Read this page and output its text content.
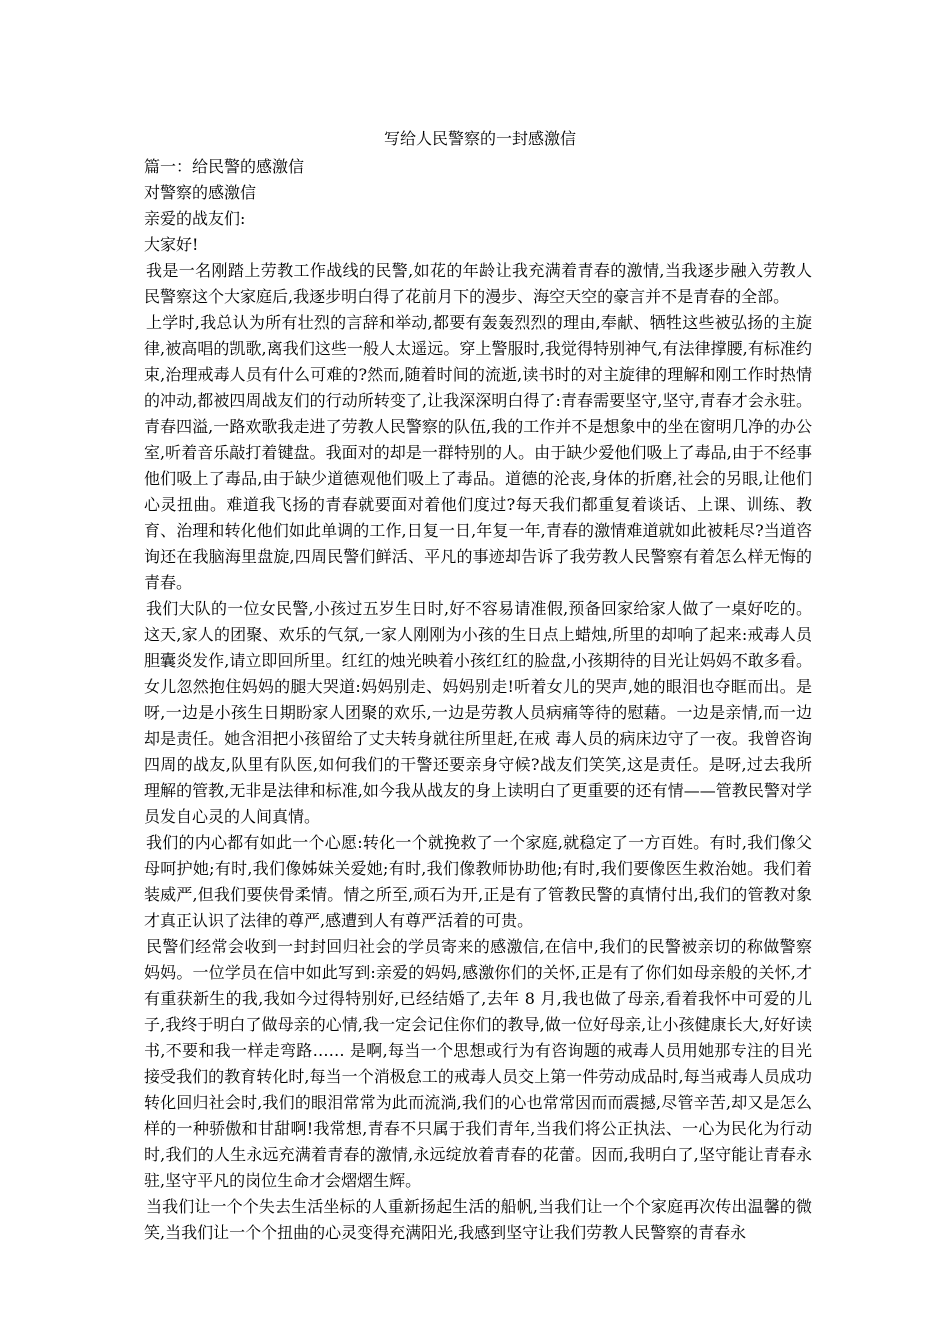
写给人民警察的一封感激信
篇一：给民警的感激信
对警察的感激信
亲爱的战友们:
大家好!

我是一名刚踏上劳教工作战线的民警,如花的年龄让我充满着青春的激情,当我逐步融入劳教人民警察这个大家庭后,我逐步明白得了花前月下的漫步、海空天空的豪言并不是青春的全部。

上学时,我总认为所有壮烈的言辞和举动,都要有轰轰烈烈的理由,奉献、牺牲这些被弘扬的主旋律,被高唱的凯歌,离我们这些一般人太遥远。穿上警服时,我觉得特别神气,有法律撑腰,有标准约束,治理戒毒人员有什么可难的?然而,随着时间的流逝,读书时的对主旋律的理解和刚工作时热情的冲动,都被四周战友们的行动所转变了,让我深深明白得了:青春需要坚守,坚守,青春才会永驻。青春四溢,一路欢歌我走进了劳教人民警察的队伍,我的工作并不是想象中的坐在窗明几净的办公室,听着音乐敲打着键盘。我面对的却是一群特别的人。由于缺少爱他们吸上了毒品,由于不经事他们吸上了毒品,由于缺少道德观他们吸上了毒品。道德的沦丧,身体的折磨,社会的另眼,让他们心灵扭曲。难道我飞扬的青春就要面对着他们度过?每天我们都重复着谈话、上课、训练、教育、治理和转化他们如此单调的工作,日复一日,年复一年,青春的激情难道就如此被耗尽?当道咨询还在我脑海里盘旋,四周民警们鲜活、平凡的事迹却告诉了我劳教人民警察有着怎么样无悔的青春。

我们大队的一位女民警,小孩过五岁生日时,好不容易请准假,预备回家给家人做了一桌好吃的。这天,家人的团聚、欢乐的气氛,一家人刚刚为小孩的生日点上蜡烛,所里的却响了起来:戒毒人员胆囊炎发作,请立即回所里。红红的烛光映着小孩红红的脸盘,小孩期待的目光让妈妈不敢多看。女儿忽然抱住妈妈的腿大哭道:妈妈别走、妈妈别走!听着女儿的哭声,她的眼泪也夺眶而出。是呀,一边是小孩生日期盼家人团聚的欢乐,一边是劳教人员病痛等待的慰藉。一边是亲情,而一边却是责任。她含泪把小孩留给了丈夫转身就往所里赶,在戒 毒人员的病床边守了一夜。我曾咨询四周的战友,队里有队医,如何我们的干警还要亲身守候?战友们笑笑,这是责任。是呀,过去我所理解的管教,无非是法律和标准,如今我从战友的身上读明白了更重要的还有情——管教民警对学员发自心灵的人间真情。

我们的内心都有如此一个心愿:转化一个就挽救了一个家庭,就稳定了一方百姓。有时,我们像父母呵护她;有时,我们像姊妹关爱她;有时,我们像教师协助他;有时,我们要像医生救治她。我们着装威严,但我们要侠骨柔情。情之所至,顽石为开,正是有了管教民警的真情付出,我们的管教对象才真正认识了法律的尊严,感遭到人有尊严活着的可贵。

民警们经常会收到一封封回归社会的学员寄来的感激信,在信中,我们的民警被亲切的称做警察妈妈。一位学员在信中如此写到:亲爱的妈妈,感激你们的关怀,正是有了你们如母亲般的关怀,才有重获新生的我,我如今过得特别好,已经结婚了,去年 8 月,我也做了母亲,看着我怀中可爱的儿子,我终于明白了做母亲的心情,我一定会记住你们的教导,做一位好母亲,让小孩健康长大,好好读书,不要和我一样走弯路…… 是啊,每当一个思想或行为有咨询题的戒毒人员用她那专注的目光接受我们的教育转化时,每当一个消极怠工的戒毒人员交上第一件劳动成品时,每当戒毒人员成功转化回归社会时,我们的眼泪常常为此而流淌,我们的心也常常因而而震撼,尽管辛苦,却又是怎么样的一种骄傲和甘甜啊!我常想,青春不只属于我们青年,当我们将公正执法、一心为民化为行动时,我们的人生永远充满着青春的激情,永远绽放着青春的花蕾。因而,我明白了,坚守能让青春永驻,坚守平凡的岗位生命才会熠熠生辉。

当我们让一个个失去生活坐标的人重新扬起生活的船帆,当我们让一个个家庭再次传出温馨的微笑,当我们让一个个扭曲的心灵变得充满阳光,我感到坚守让我们劳教人民警察的青春永
